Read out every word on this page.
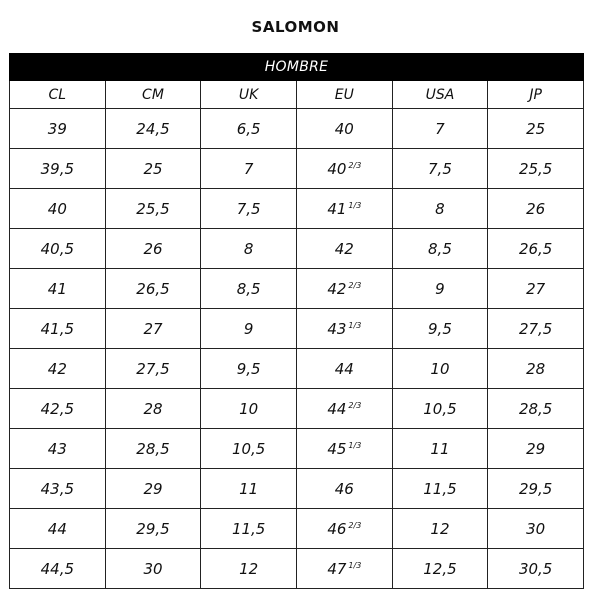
SALOMON
HOMBRE					
CL	CM	UK	EU	USA	JP
39	24,5	6,5	40	7	25
39,5	25	7	40 $^{2/3}$	7,5	25,5
40	25,5	7,5	41 $^{1/3}$	8	26
40,5	26	8	42	8,5	26,5
41	26,5	8,5	42 $^{2/3}$	9	27
41,5	27	9	43 $^{1/3}$	9,5	27,5
42	27,5	9,5	44	10	28
42,5	28	10	44 $^{2/3}$	10,5	28,5
43	28,5	10,5	45 $^{1/3}$	11	29
43,5	29	11	46	11,5	29,5
44	29,5	11,5	46 $^{2/3}$	12	30
44,5	30	12	47 $^{1/3}$	12,5	30,5
